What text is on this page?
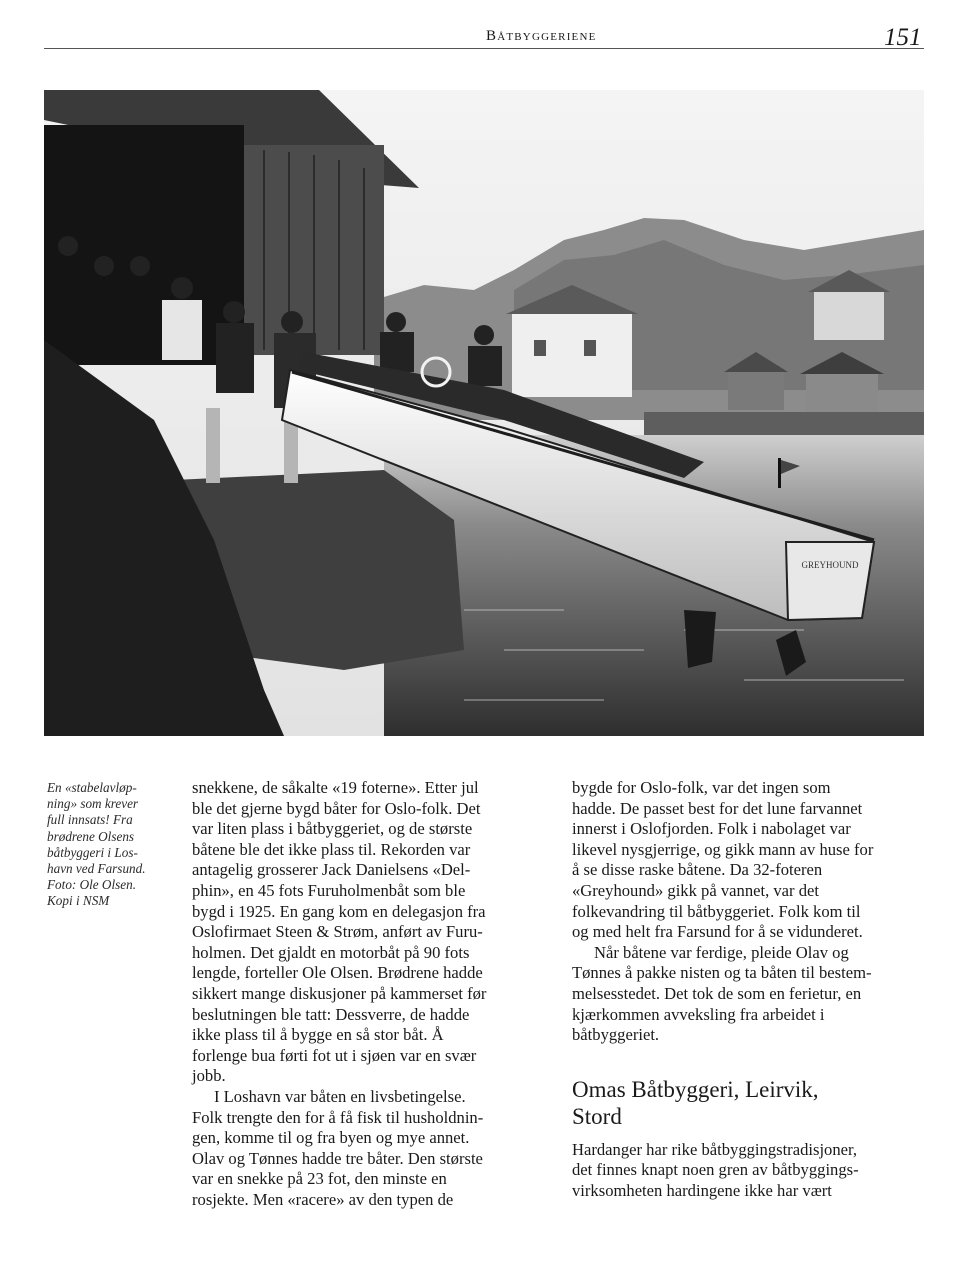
Båtbyggeriene	151
GREYHOUND
En «stabelavløp-
ning» som krever
full innsats! Fra
brødrene Olsens
båtbyggeri i Los-
havn ved Farsund.
Foto: Ole Olsen.
Kopi i NSM
snekkene, de såkalte «19 foterne». Etter jul
ble det gjerne bygd båter for Oslo-folk. Det
var liten plass i båtbyggeriet, og de største
båtene ble det ikke plass til. Rekorden var
antagelig grosserer Jack Danielsens «Del-
phin», en 45 fots Furuholmenbåt som ble
bygd i 1925. En gang kom en delegasjon fra
Oslofirmaet Steen & Strøm, anført av Furu-
holmen. Det gjaldt en motorbåt på 90 fots
lengde, forteller Ole Olsen. Brødrene hadde
sikkert mange diskusjoner på kammerset før
beslutningen ble tatt: Dessverre, de hadde
ikke plass til å bygge en så stor båt. Å
forlenge bua førti fot ut i sjøen var en svær
jobb.
I Loshavn var båten en livsbetingelse.
Folk trengte den for å få fisk til husholdnin-
gen, komme til og fra byen og mye annet.
Olav og Tønnes hadde tre båter. Den største
var en snekke på 23 fot, den minste en
rosjekte. Men «racere» av den typen de
bygde for Oslo-folk, var det ingen som
hadde. De passet best for det lune farvannet
innerst i Oslofjorden. Folk i nabolaget var
likevel nysgjerrige, og gikk mann av huse for
å se disse raske båtene. Da 32-foteren
«Greyhound» gikk på vannet, var det
folkevandring til båtbyggeriet. Folk kom til
og med helt fra Farsund for å se vidunderet.
Når båtene var ferdige, pleide Olav og
Tønnes å pakke nisten og ta båten til bestem-
melsesstedet. Det tok de som en ferietur, en
kjærkommen avveksling fra arbeidet i
båtbyggeriet.
Omas Båtbyggeri, Leirvik,
Stord
Hardanger har rike båtbyggingstradisjoner,
det finnes knapt noen gren av båtbyggings-
virksomheten hardingene ikke har vært
